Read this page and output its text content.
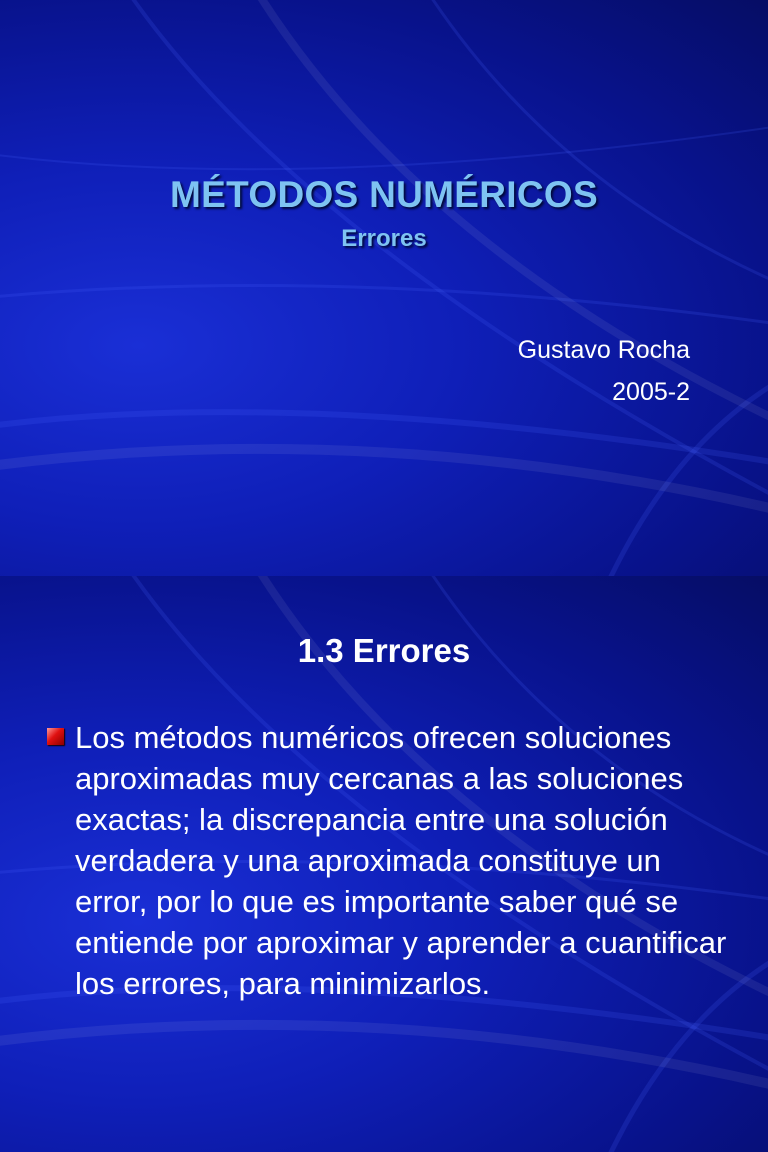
MÉTODOS NUMÉRICOS

Errores

Gustavo Rocha

2005-2

1.3 Errores

Los métodos numéricos ofrecen soluciones aproximadas muy cercanas a las soluciones exactas; la discrepancia entre una solución verdadera y una aproximada constituye un error, por lo que es importante saber qué se entiende por aproximar y aprender a cuantificar los errores, para minimizarlos.
